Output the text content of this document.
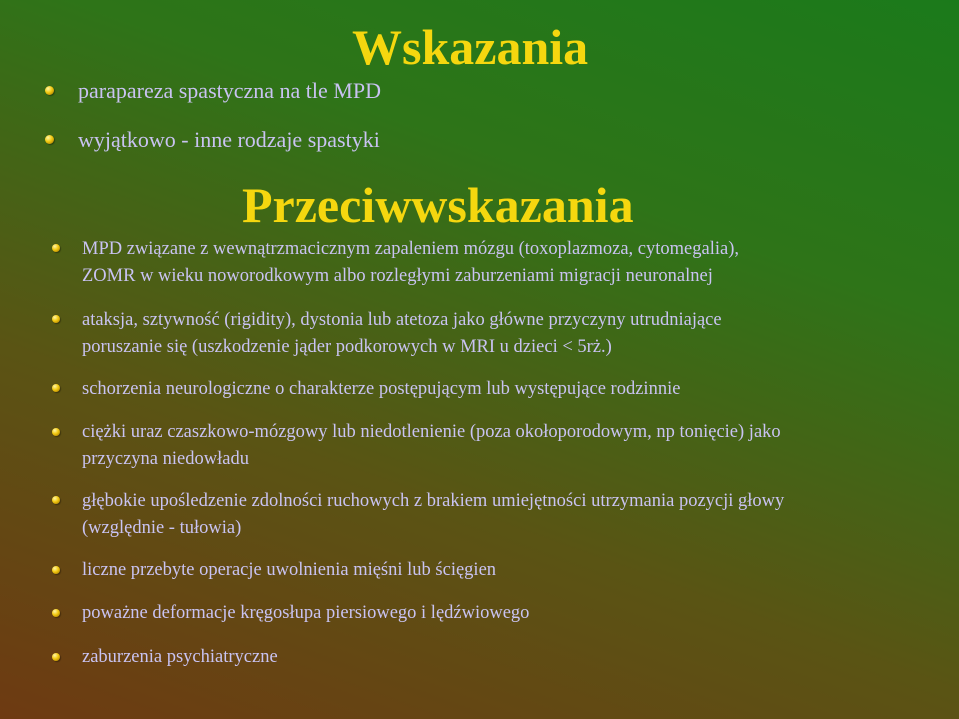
Wskazania
parapareza spastyczna na tle MPD
wyjątkowo - inne rodzaje spastyki
Przeciwwskazania
MPD związane z wewnątrzmacicznym zapaleniem mózgu (toxoplazmoza, cytomegalia),
ZOMR w wieku noworodkowym albo rozległymi zaburzeniami migracji neuronalnej
ataksja, sztywność (rigidity), dystonia lub atetoza jako główne przyczyny utrudniające
poruszanie się (uszkodzenie jąder podkorowych w MRI u dzieci < 5rż.)
schorzenia neurologiczne o charakterze postępującym lub występujące rodzinnie
ciężki uraz czaszkowo-mózgowy lub niedotlenienie (poza okołoporodowym, np tonięcie) jako
przyczyna niedowładu
głębokie upośledzenie zdolności ruchowych z brakiem umiejętności utrzymania pozycji głowy
(względnie - tułowia)
liczne przebyte operacje uwolnienia mięśni lub ścięgien
poważne deformacje kręgosłupa piersiowego i lędźwiowego
zaburzenia psychiatryczne
